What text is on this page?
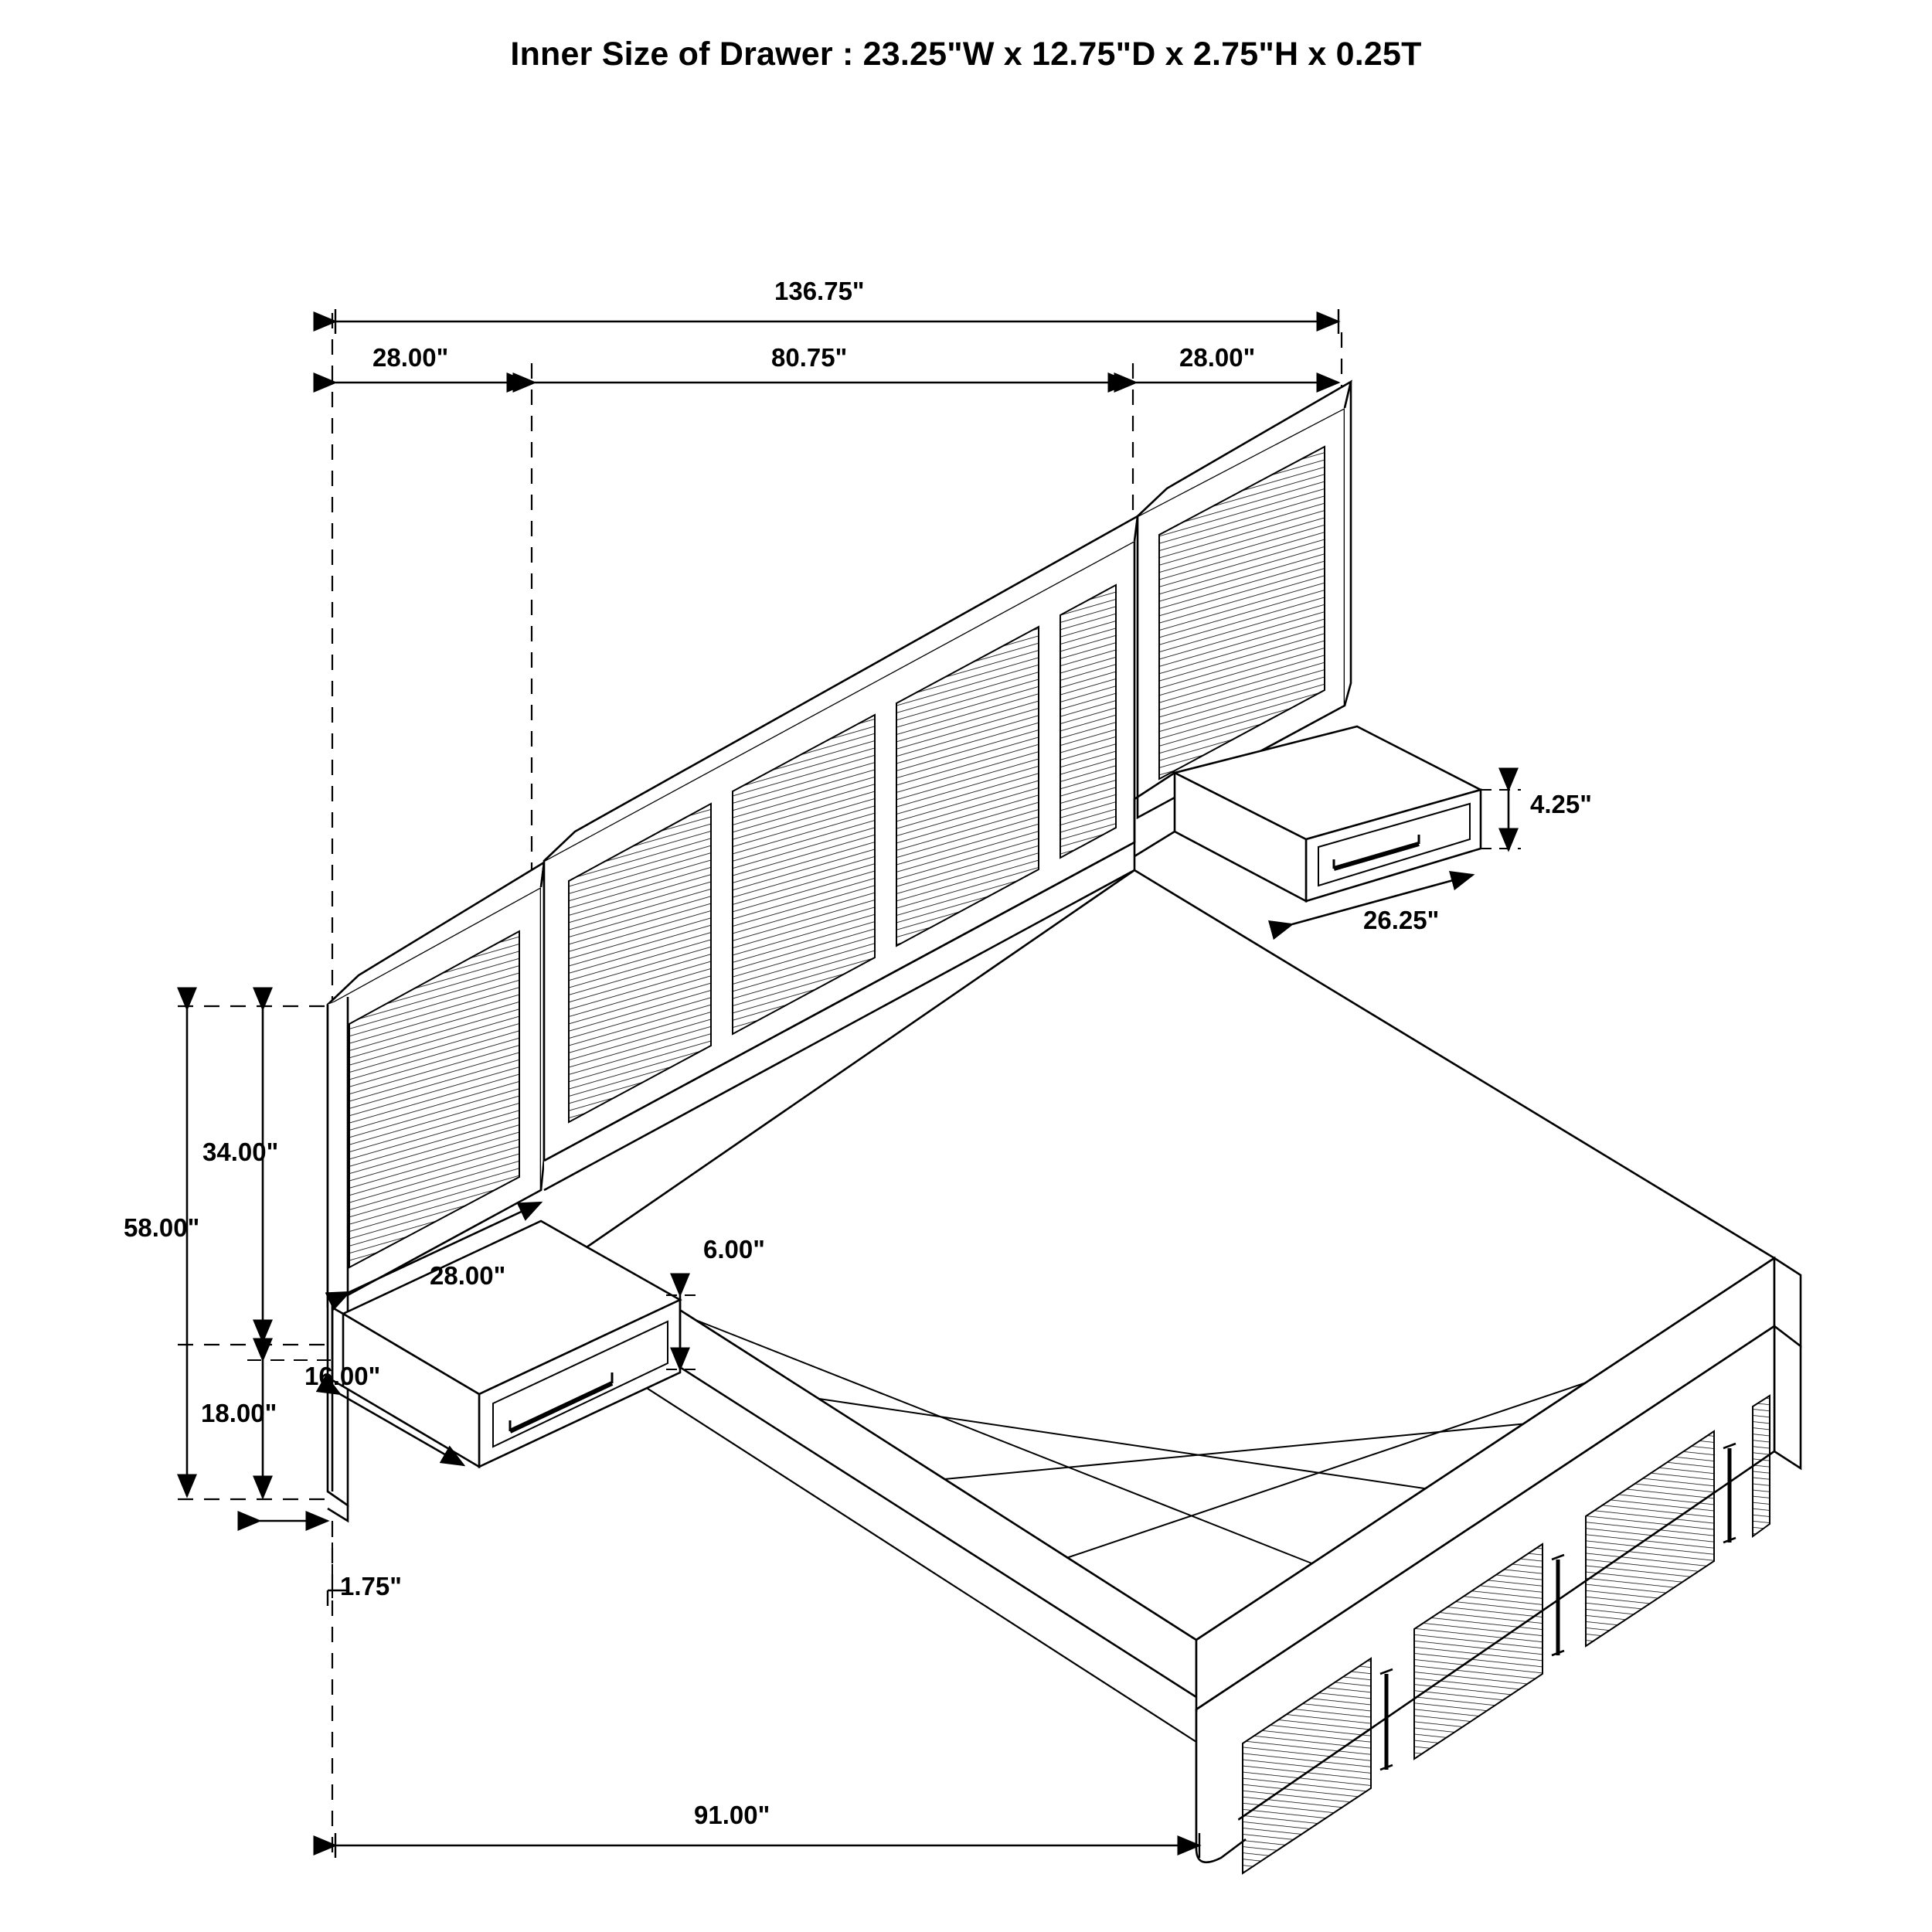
Inner Size of Drawer : 23.25"W x 12.75"D x 2.75"H x 0.25T
136.75"
28.00"	80.75"	28.00"
4.25"
26.25"
34.00"
58.00"
28.00"
6.00"
16.00"
18.00"
1.75"
91.00"
